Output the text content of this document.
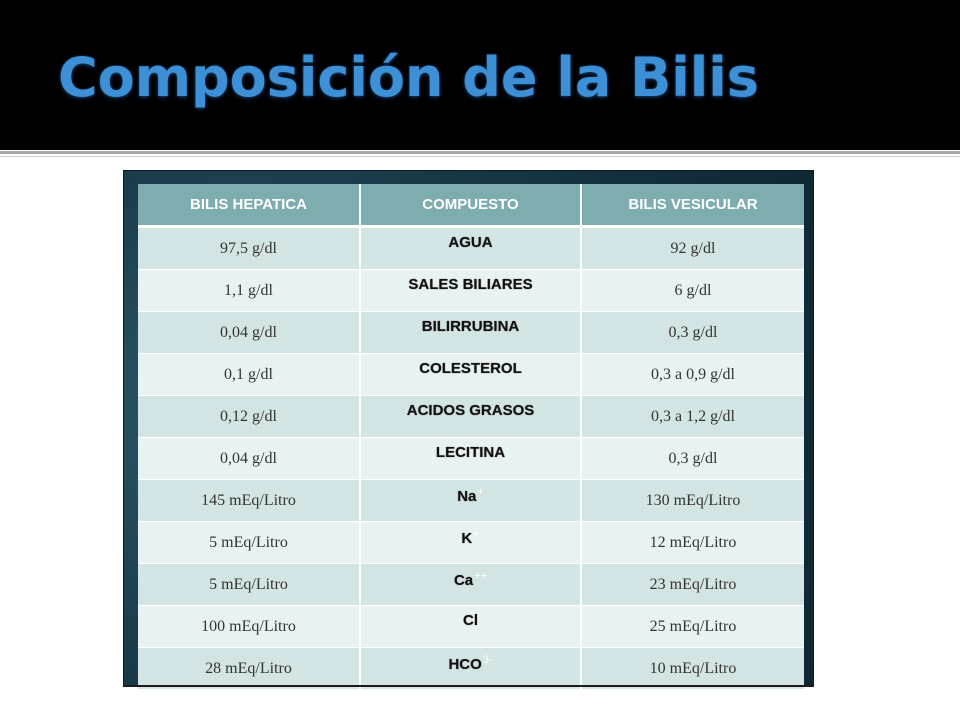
Composición de la Bilis
BILIS HEPATICA	COMPUESTO	BILIS VESICULAR
97,5 g/dl	AGUA	92 g/dl
1,1 g/dl	SALES BILIARES	6 g/dl
0,04 g/dl	BILIRRUBINA	0,3 g/dl
0,1 g/dl	COLESTEROL	0,3 a 0,9 g/dl
0,12 g/dl	ACIDOS GRASOS	0,3 a 1,2 g/dl
0,04 g/dl	LECITINA	0,3 g/dl
145 mEq/Litro	Na+	130 mEq/Litro
5 mEq/Litro	K+	12 mEq/Litro
5 mEq/Litro	Ca++	23 mEq/Litro
100 mEq/Litro	Cl	25 mEq/Litro
28 mEq/Litro	$HCO^{3-}$	10 mEq/Litro
